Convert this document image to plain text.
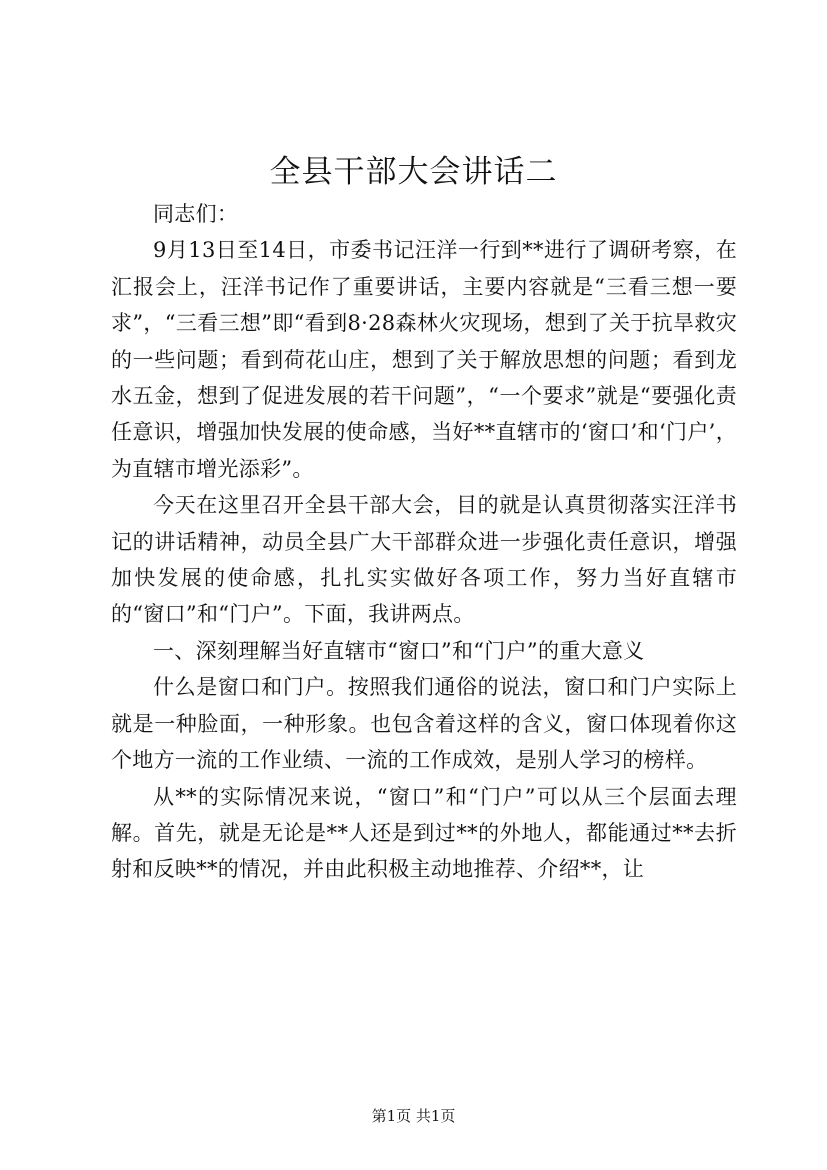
全县干部大会讲话二

同志们：

9月13日至14日，市委书记汪洋一行到**进行了调研考察，在汇报会上，汪洋书记作了重要讲话，主要内容就是“三看三想一要求”，“三看三想”即“看到8·28森林火灾现场，想到了关于抗旱救灾的一些问题；看到荷花山庄，想到了关于解放思想的问题；看到龙水五金，想到了促进发展的若干问题”，“一个要求”就是“要强化责任意识，增强加快发展的使命感，当好**直辖市的‘窗口’和‘门户’，为直辖市增光添彩”。

今天在这里召开全县干部大会，目的就是认真贯彻落实汪洋书记的讲话精神，动员全县广大干部群众进一步强化责任意识，增强加快发展的使命感，扎扎实实做好各项工作，努力当好直辖市的“窗口”和“门户”。下面，我讲两点。

一、深刻理解当好直辖市“窗口”和“门户”的重大意义

什么是窗口和门户。按照我们通俗的说法，窗口和门户实际上就是一种脸面，一种形象。也包含着这样的含义，窗口体现着你这个地方一流的工作业绩、一流的工作成效，是别人学习的榜样。

从**的实际情况来说，“窗口”和“门户”可以从三个层面去理解。首先，就是无论是**人还是到过**的外地人，都能通过**去折射和反映**的情况，并由此积极主动地推荐、介绍**，让

第1页 共1页
